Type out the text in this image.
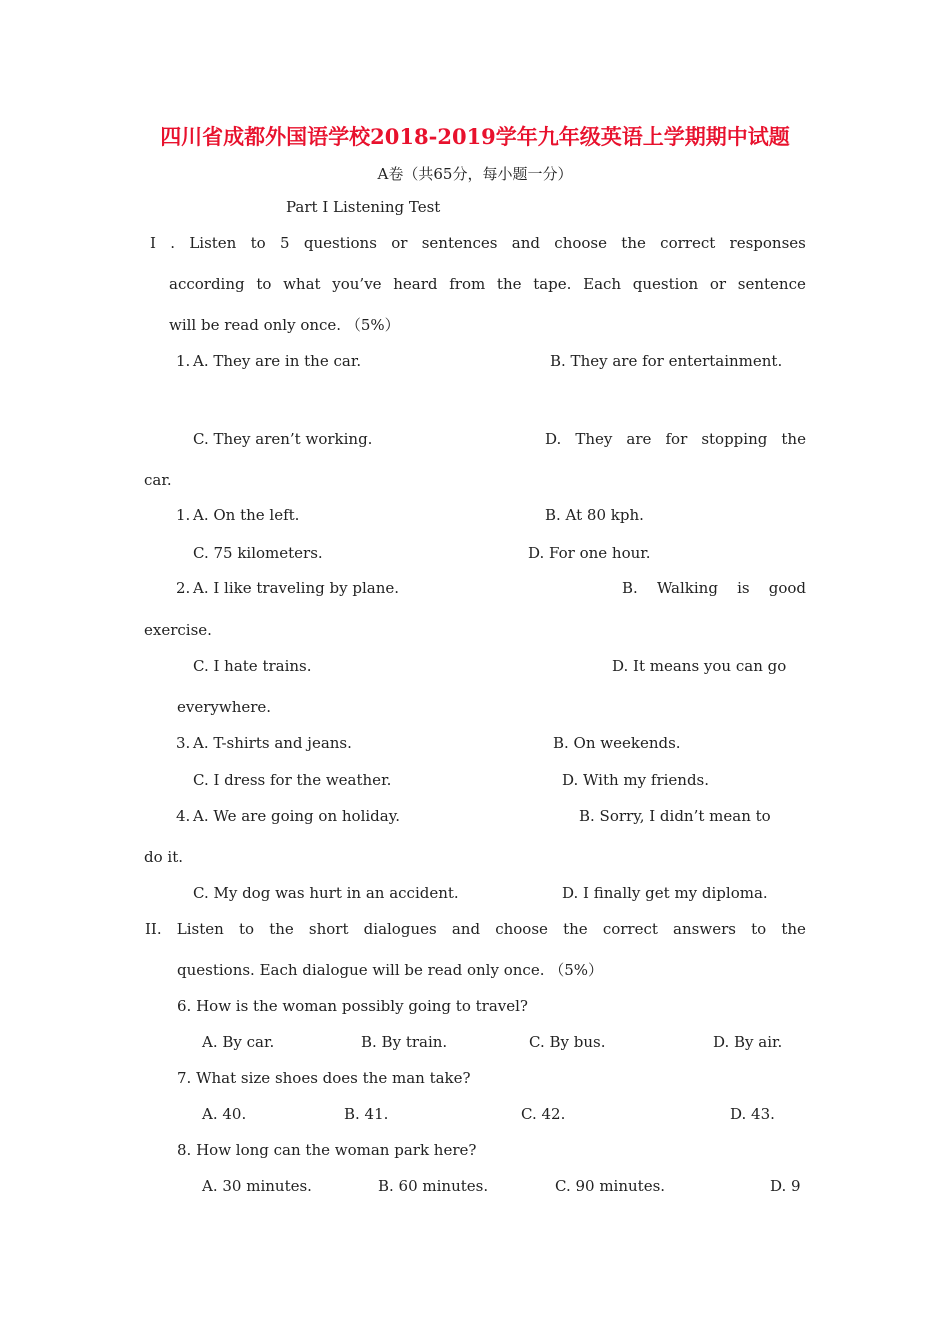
四川省成都外国语学校2018-2019学年九年级英语上学期期中试题
A卷（共65分，每小题一分）
Part I Listening Test
I . Listen to 5 questions or sentences and choose the correct responses
according to what you’ve heard from the tape. Each question or sentence
will be read only once. （5%）
1. A. They are in the car.	B. They are for entertainment.
C. They aren’t working.	D. They are for stopping the
car.
1. A. On the left.	B. At 80 kph.
C. 75 kilometers.	D. For one hour.
2. A. I like traveling by plane.	B. Walking is good
exercise.
C. I hate trains.	D. It means you can go
everywhere.
3. A. T-shirts and jeans.	B. On weekends.
C. I dress for the weather.	D. With my friends.
4. A. We are going on holiday.	B. Sorry, I didn’t mean to
do it.
C. My dog was hurt in an accident.	D. I finally get my diploma.
II. Listen to the short dialogues and choose the correct answers to the
questions. Each dialogue will be read only once. （5%）
6. How is the woman possibly going to travel?
A. By car.	B. By train.	C. By bus.	D. By air.
7. What size shoes does the man take?
A. 40.	B. 41.	C. 42.	D. 43.
8. How long can the woman park here?
A. 30 minutes.	B. 60 minutes.	C. 90 minutes.	D. 9
